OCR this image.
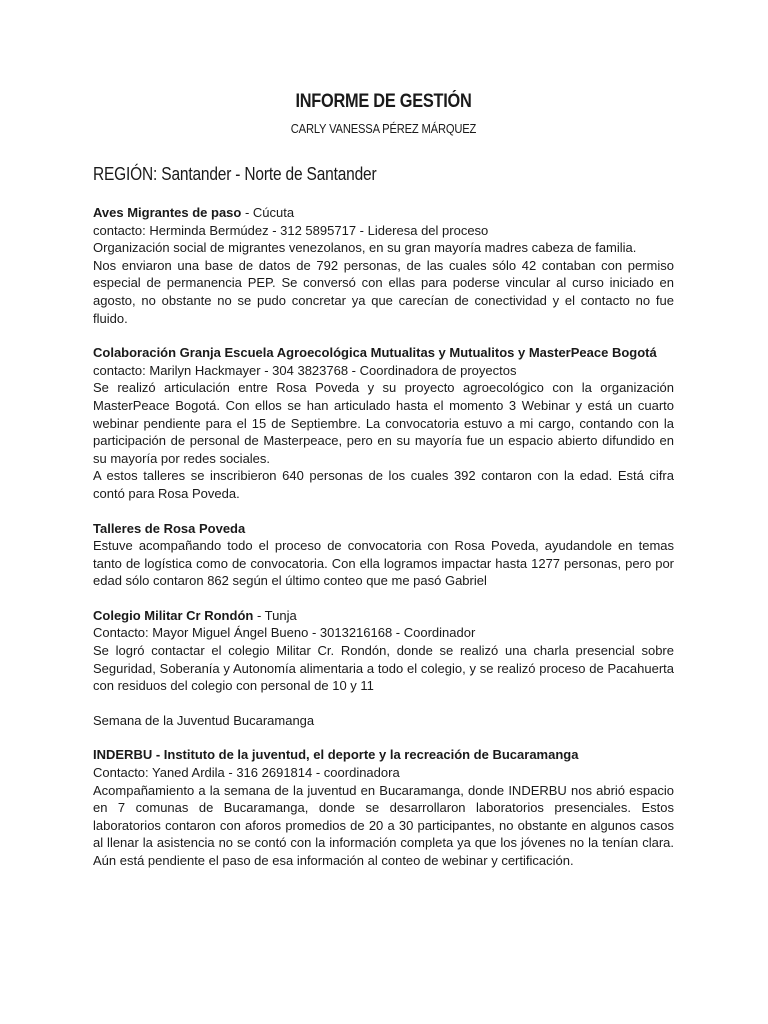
INFORME DE GESTIÓN
CARLY VANESSA PÉREZ MÁRQUEZ
REGIÓN: Santander - Norte de Santander

Aves Migrantes de paso - Cúcuta

contacto: Herminda Bermúdez - 312 5895717 - Lideresa del proceso

Organización social de migrantes venezolanos, en su gran mayoría madres cabeza de familia.

Nos enviaron una base de datos de 792 personas, de las cuales sólo 42 contaban con permiso especial de permanencia PEP. Se conversó con ellas para poderse vincular al curso iniciado en agosto, no obstante no se pudo concretar ya que carecían de conectividad y el contacto no fue fluido.

Colaboración Granja Escuela Agroecológica Mutualitas y Mutualitos y MasterPeace Bogotá

contacto: Marilyn Hackmayer - 304 3823768 - Coordinadora de proyectos

Se realizó articulación entre Rosa Poveda y su proyecto agroecológico con la organización MasterPeace Bogotá. Con ellos se han articulado hasta el momento 3 Webinar y está un cuarto webinar pendiente para el 15 de Septiembre. La convocatoria estuvo a mi cargo, contando con la participación de personal de Masterpeace, pero en su mayoría fue un espacio abierto difundido en su mayoría por redes sociales.

A estos talleres se inscribieron 640 personas de los cuales 392 contaron con la edad. Está cifra contó para Rosa Poveda.

Talleres de Rosa Poveda

Estuve acompañando todo el proceso de convocatoria con Rosa Poveda, ayudandole en temas tanto de logística como de convocatoria. Con ella logramos impactar hasta 1277 personas, pero por edad sólo contaron 862 según el último conteo que me pasó Gabriel

Colegio Militar Cr Rondón - Tunja

Contacto: Mayor Miguel Ángel Bueno - 3013216168 - Coordinador

Se logró contactar el colegio Militar Cr. Rondón, donde se realizó una charla presencial sobre Seguridad, Soberanía y Autonomía alimentaria a todo el colegio, y se realizó proceso de Pacahuerta con residuos del colegio con personal de 10 y 11

Semana de la Juventud Bucaramanga

INDERBU - Instituto de la juventud, el deporte y la recreación de Bucaramanga

Contacto: Yaned Ardila - 316 2691814 - coordinadora

Acompañamiento a la semana de la juventud en Bucaramanga, donde INDERBU nos abrió espacio en 7 comunas de Bucaramanga, donde se desarrollaron laboratorios presenciales. Estos laboratorios contaron con aforos promedios de 20 a 30 participantes, no obstante en algunos casos al llenar la asistencia no se contó con la información completa ya que los jóvenes no la tenían clara. Aún está pendiente el paso de esa información al conteo de webinar y certificación.
